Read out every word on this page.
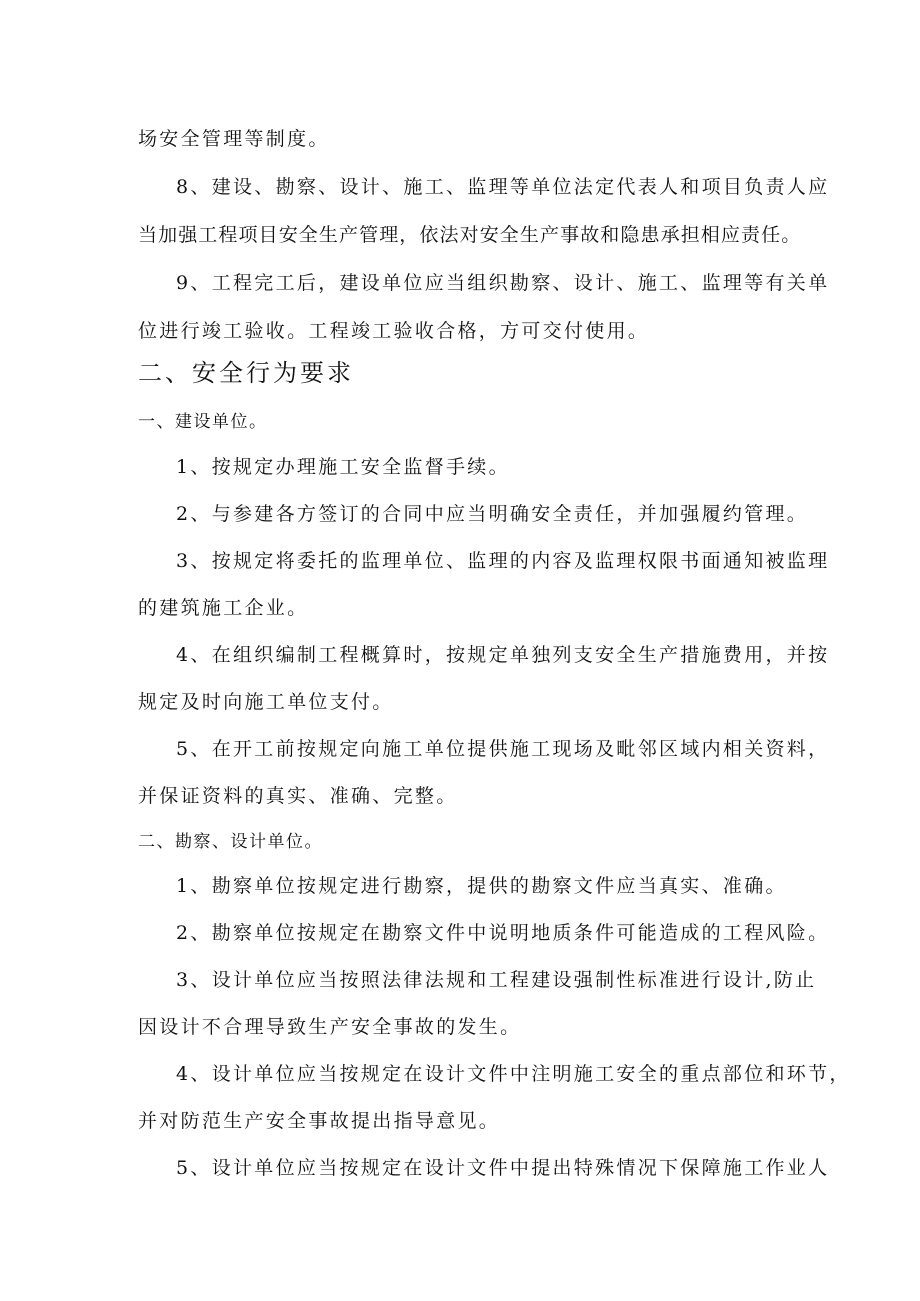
场安全管理等制度。
8、建设、勘察、设计、施工、监理等单位法定代表人和项目负责人应
当加强工程项目安全生产管理，依法对安全生产事故和隐患承担相应责任。
9、工程完工后，建设单位应当组织勘察、设计、施工、监理等有关单
位进行竣工验收。工程竣工验收合格，方可交付使用。
二、安全行为要求
一、建设单位。
1、按规定办理施工安全监督手续。
2、与参建各方签订的合同中应当明确安全责任，并加强履约管理。
3、按规定将委托的监理单位、监理的内容及监理权限书面通知被监理
的建筑施工企业。
4、在组织编制工程概算时，按规定单独列支安全生产措施费用，并按
规定及时向施工单位支付。
5、在开工前按规定向施工单位提供施工现场及毗邻区域内相关资料，
并保证资料的真实、准确、完整。
二、勘察、设计单位。
1、勘察单位按规定进行勘察，提供的勘察文件应当真实、准确。
2、勘察单位按规定在勘察文件中说明地质条件可能造成的工程风险。
3、设计单位应当按照法律法规和工程建设强制性标准进行设计,防止
因设计不合理导致生产安全事故的发生。
4、设计单位应当按规定在设计文件中注明施工安全的重点部位和环节，
并对防范生产安全事故提出指导意见。
5、设计单位应当按规定在设计文件中提出特殊情况下保障施工作业人
